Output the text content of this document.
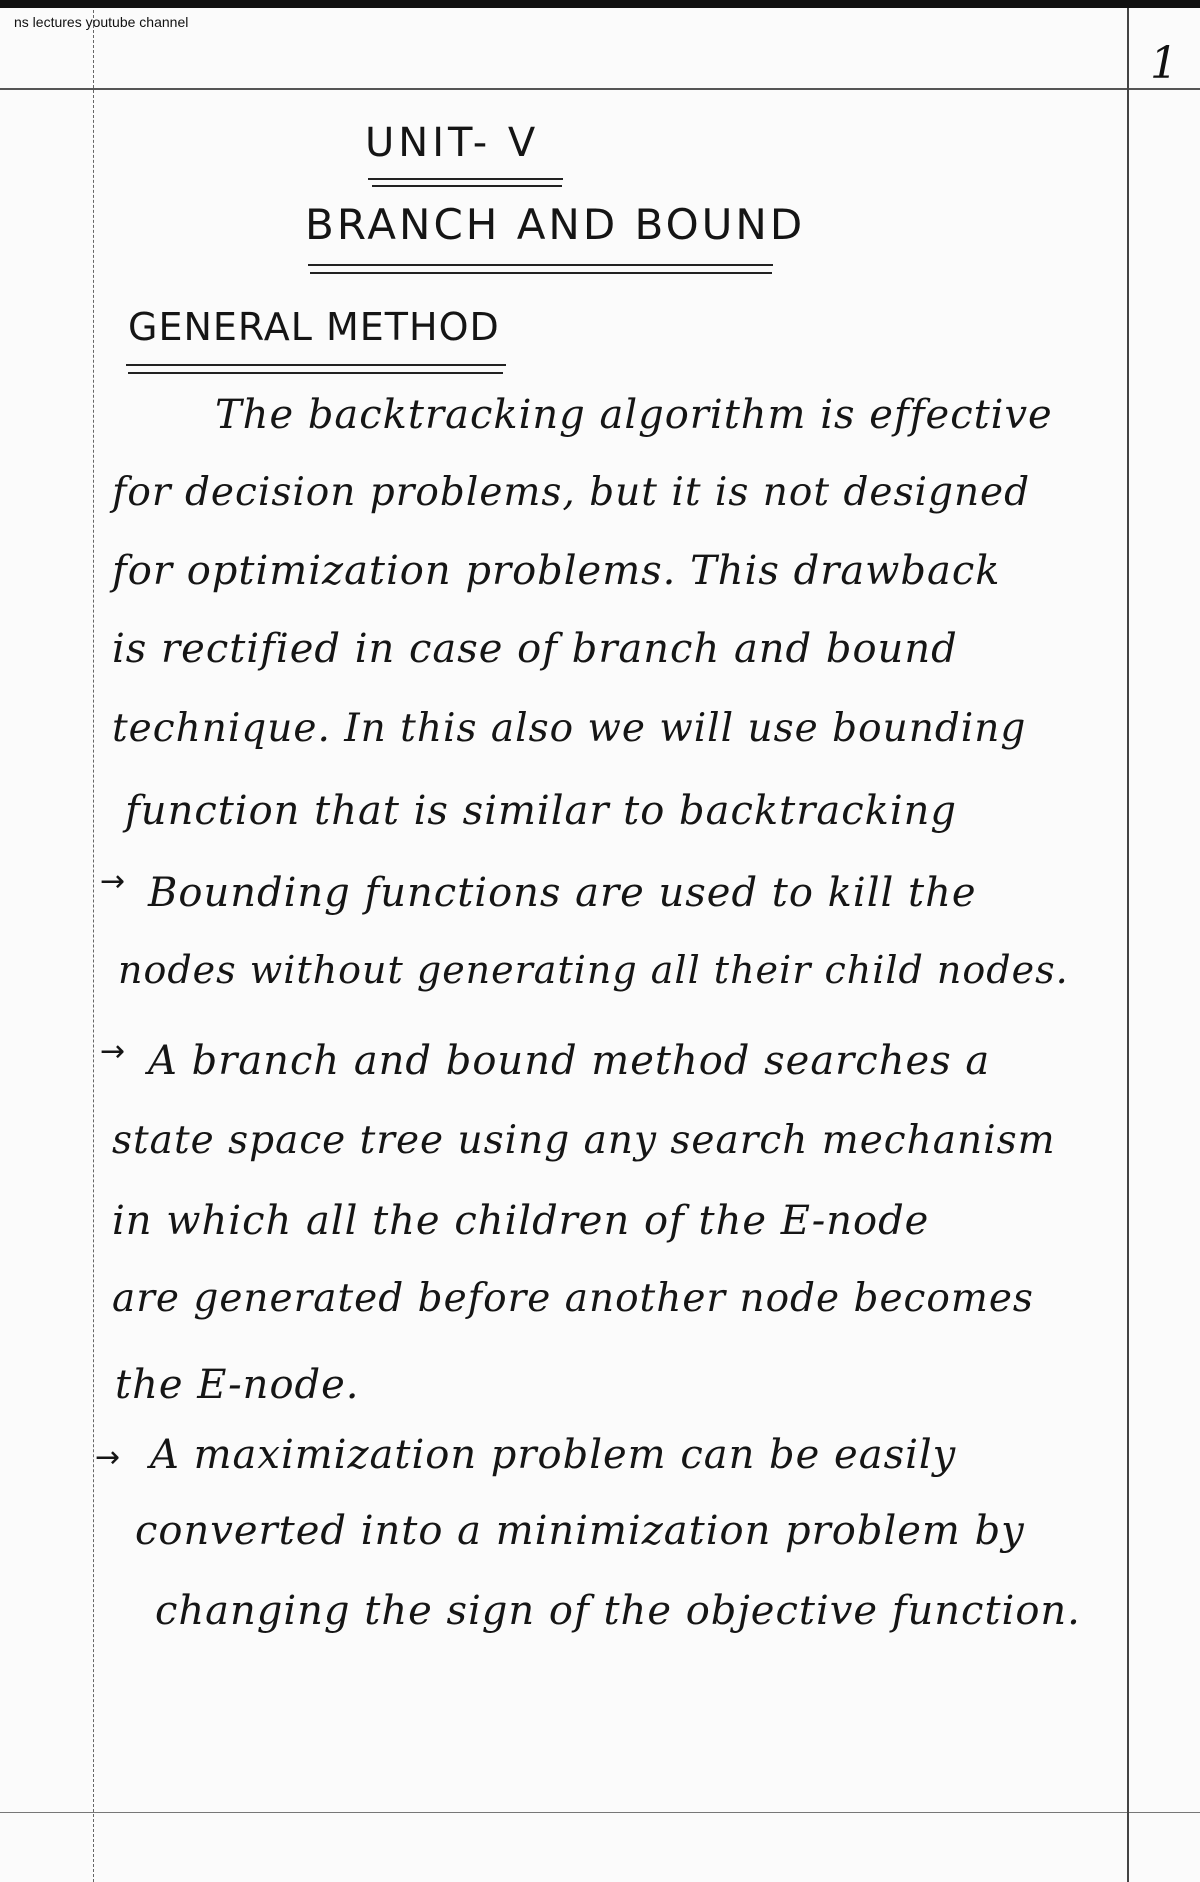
ns lectures youtube channel
1
UNIT- V
BRANCH AND BOUND
GENERAL METHOD
The backtracking algorithm is effective
for decision problems, but it is not designed
for optimization problems. This drawback
is rectified in case of branch and bound
technique. In this also we will use bounding
function that is similar to backtracking
→ Bounding functions are used to kill the
nodes without generating all their child nodes.
→ A branch and bound method searches a
state space tree using any search mechanism
in which all the children of the E-node
are generated before another node becomes
the E-node.
→ A maximization problem can be easily
converted into a minimization problem by
changing the sign of the objective function.
